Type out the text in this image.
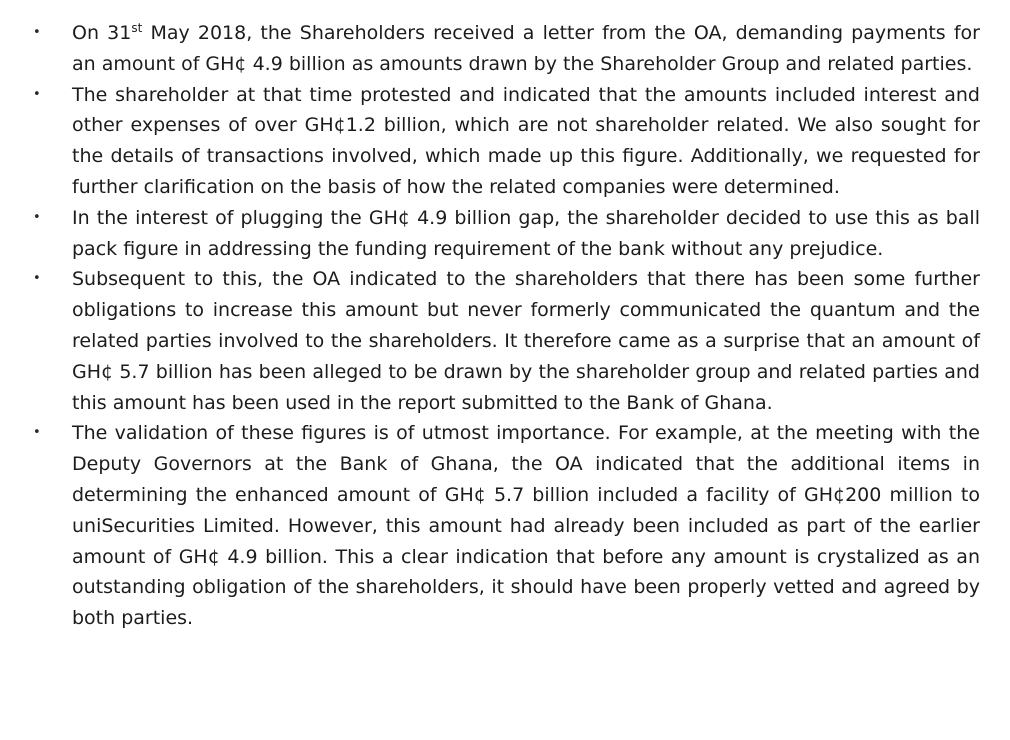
• On 31st May 2018, the Shareholders received a letter from the OA, demanding payments for an amount of GH¢ 4.9 billion as amounts drawn by the Shareholder Group and related parties.
• The shareholder at that time protested and indicated that the amounts included interest and other expenses of over GH¢1.2 billion, which are not shareholder related. We also sought for the details of transactions involved, which made up this figure. Additionally, we requested for further clarification on the basis of how the related companies were determined.
• In the interest of plugging the GH¢ 4.9 billion gap, the shareholder decided to use this as ball pack figure in addressing the funding requirement of the bank without any prejudice.
• Subsequent to this, the OA indicated to the shareholders that there has been some further obligations to increase this amount but never formerly communicated the quantum and the related parties involved to the shareholders. It therefore came as a surprise that an amount of GH¢ 5.7 billion has been alleged to be drawn by the shareholder group and related parties and this amount has been used in the report submitted to the Bank of Ghana.
• The validation of these figures is of utmost importance. For example, at the meeting with the Deputy Governors at the Bank of Ghana, the OA indicated that the additional items in determining the enhanced amount of GH¢ 5.7 billion included a facility of GH¢200 million to uniSecurities Limited. However, this amount had already been included as part of the earlier amount of GH¢ 4.9 billion. This a clear indication that before any amount is crystalized as an outstanding obligation of the shareholders, it should have been properly vetted and agreed by both parties.
